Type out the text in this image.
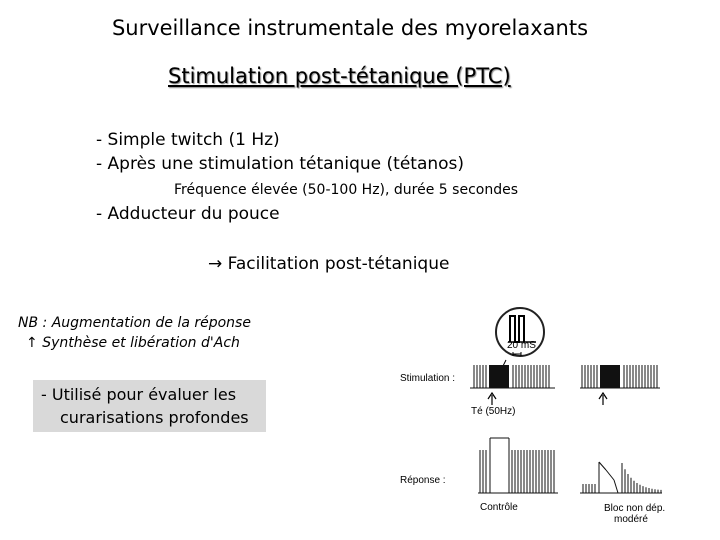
Surveillance instrumentale des myorelaxants
Stimulation post-tétanique (PTC)
- Simple twitch (1 Hz)
- Après une stimulation tétanique (tétanos)
Fréquence élevée (50-100 Hz), durée 5 secondes
- Adducteur du pouce
→ Facilitation post-tétanique
NB : Augmentation de la réponse
↑ Synthèse et libération d'Ach
- Utilisé pour évaluer les
curarisations profondes
20 mS
Stimulation :
Réponse :
Té (50Hz)
Contrôle	Bloc non dép.
modéré
